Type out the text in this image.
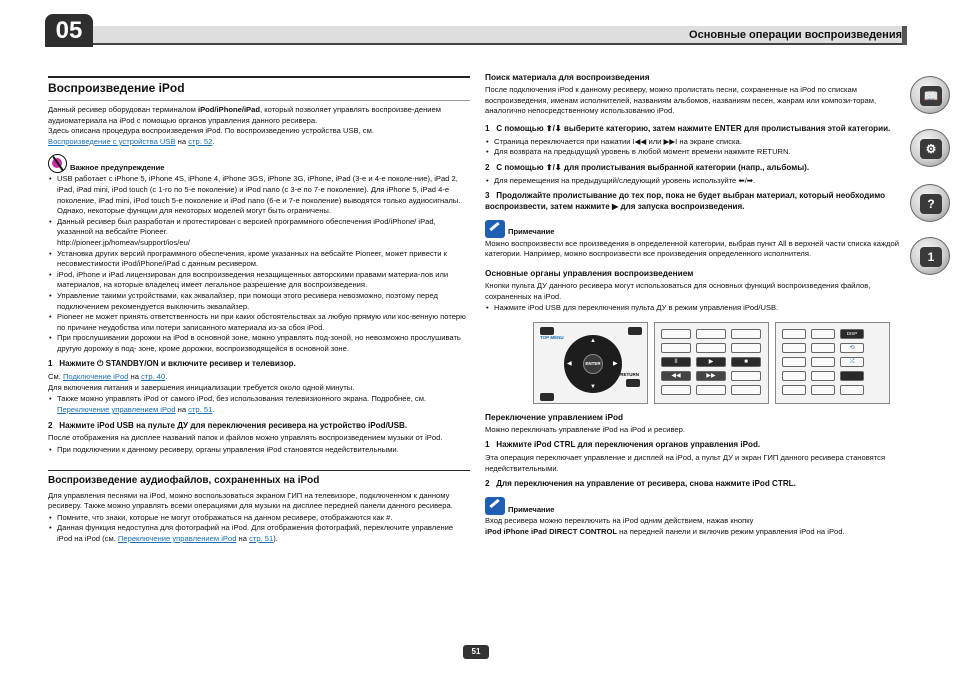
05	Основные операции воспроизведения
📖
⚙
?
1
Воспроизведение iPod
Данный ресивер оборудован терминалом iPod/iPhone/iPad, который позволяет управлять воспроизве-дением аудиоматериала на iPod с помощью органов управления данного ресивера.
Здесь описана процедура воспроизведения iPod. По воспроизведению устройства USB, см.
Воспроизведение с устройства USB на стр. 52.
Важное предупреждение
• USB работает с iPhone 5, iPhone 4S, iPhone 4, iPhone 3GS, iPhone 3G, iPhone, iPad (3-е и 4-е поколе-ние), iPad 2, iPad, iPad mini, iPod touch (с 1-го по 5-е поколение) и iPod nano (с 3-е по 7-е поколение). Для iPhone 5, iPad 4-е поколение, iPad mini, iPod touch 5-е поколение и iPod nano (6-е и 7-е поколение) выводятся только аудиосигналы.
Однако, некоторые функции для некоторых моделей могут быть ограничены.
• Данный ресивер был разработан и протестирован с версией программного обеспечения iPod/iPhone/ iPad, указанной на вебсайте Pioneer.
http://pioneer.jp/homeav/support/ios/eu/
• Установка других версий программного обеспечения, кроме указанных на вебсайте Pioneer, может привести к несовместимости iPod/iPhone/iPad с данным ресивером.
• iPod, iPhone и iPad лицензирован для воспроизведения незащищенных авторскими правами материа-лов или материалов, на которые владелец имеет легальное разрешение для воспроизведения.
• Управление такими устройствами, как эквалайзер, при помощи этого ресивера невозможно, поэтому перед подключением рекомендуется выключить эквалайзер.
• Pioneer не может принять ответственность ни при каких обстоятельствах за любую прямую или кос-венную потерю по причине неудобства или потери записанного материала из-за сбоя iPod.
• При прослушивании дорожки на iPod в основной зоне, можно управлять под-зоной, но невозможно прослушивать другую дорожку в под- зоне, кроме дорожки, воспроизводящейся в основной зоне.
1 Нажмите ⏻ STANDBY/ON и включите ресивер и телевизор.
См. Подключение iPod на стр. 40.
Для включения питания и завершения инициализации требуется около одной минуты.
• Также можно управлять iPod от самого iPod, без использования телевизионного экрана. Подробнее, см. Переключение управлением iPod на стр. 51.
2 Нажмите iPod USB на пульте ДУ для переключения ресивера на устройство iPod/USB.
После отображения на дисплее названий папок и файлов можно управлять воспроизведением музыки от iPod.
• При подключении к данному ресиверу, органы управления iPod становятся недействительными.
Воспроизведение аудиофайлов, сохраненных на iPod
Для управления песнями на iPod, можно воспользоваться экраном ГИП на телевизоре, подключенном к данному ресиверу. Также можно управлять всеми операциями для музыки на дисплее передней панели данного ресивера.
• Помните, что знаки, которые не могут отображаться на данном ресивере, отображаются как #.
• Данная функция недоступна для фотографий на iPod. Для отображения фотографий, переключите управление iPod на iPod (см. Переключение управлением iPod на стр. 51).
Поиск материала для воспроизведения
После подключения iPod к данному ресиверу, можно пролистать песни, сохраненные на iPod по спискам воспроизведения, именам исполнителей, названиям альбомов, названиям песен, жанрам или компози-торам, аналогично непосредственному использованию iPod.
1 С помощью ⬆/⬇ выберите категорию, затем нажмите ENTER для пролистывания этой категории.
• Страница переключается при нажатии I◀◀ или ▶▶I на экране списка.
• Для возврата на предыдущий уровень в любой момент времени нажмите RETURN.
2 С помощью ⬆/⬇ для пролистывания выбранной категории (напр., альбомы).
• Для перемещения на предыдущий/следующий уровень используйте ⬅/➡.
3 Продолжайте пролистывание до тех пор, пока не будет выбран материал, который необходимо воспроизвести, затем нажмите ▶ для запуска воспроизведения.
Примечание
Можно воспроизвести все произведения в определенной категории, выбрав пункт All в верхней части списка каждой категории. Например, можно воспроизвести все произведения определенного исполнителя.
Основные органы управления воспроизведением
Кнопки пульта ДУ данного ресивера могут использоваться для основных функций воспроизведения файлов, сохраненных на iPod.
• Нажмите iPod USB для переключения пульта ДУ в режим управления iPod/USB.
TOP MENU
▲
▼
◀	▶
ENTER
RETURN
II	▶	■
◀◀	▶▶
DISP
⟲
⤮
Переключение управлением iPod
Можно переключать управление iPod на iPod и ресивер.
1 Нажмите iPod CTRL для переключения органов управления iPod.
Эта операция переключает управление и дисплей на iPod, а пульт ДУ и экран ГИП данного ресивера становятся недействительными.
2 Для переключения на управление от ресивера, снова нажмите iPod CTRL.
Примечание
Вход ресивера можно переключить на iPod одним действием, нажав кнопку
iPod iPhone iPad DIRECT CONTROL на передней панели и включив режим управления iPod на iPod.
51
